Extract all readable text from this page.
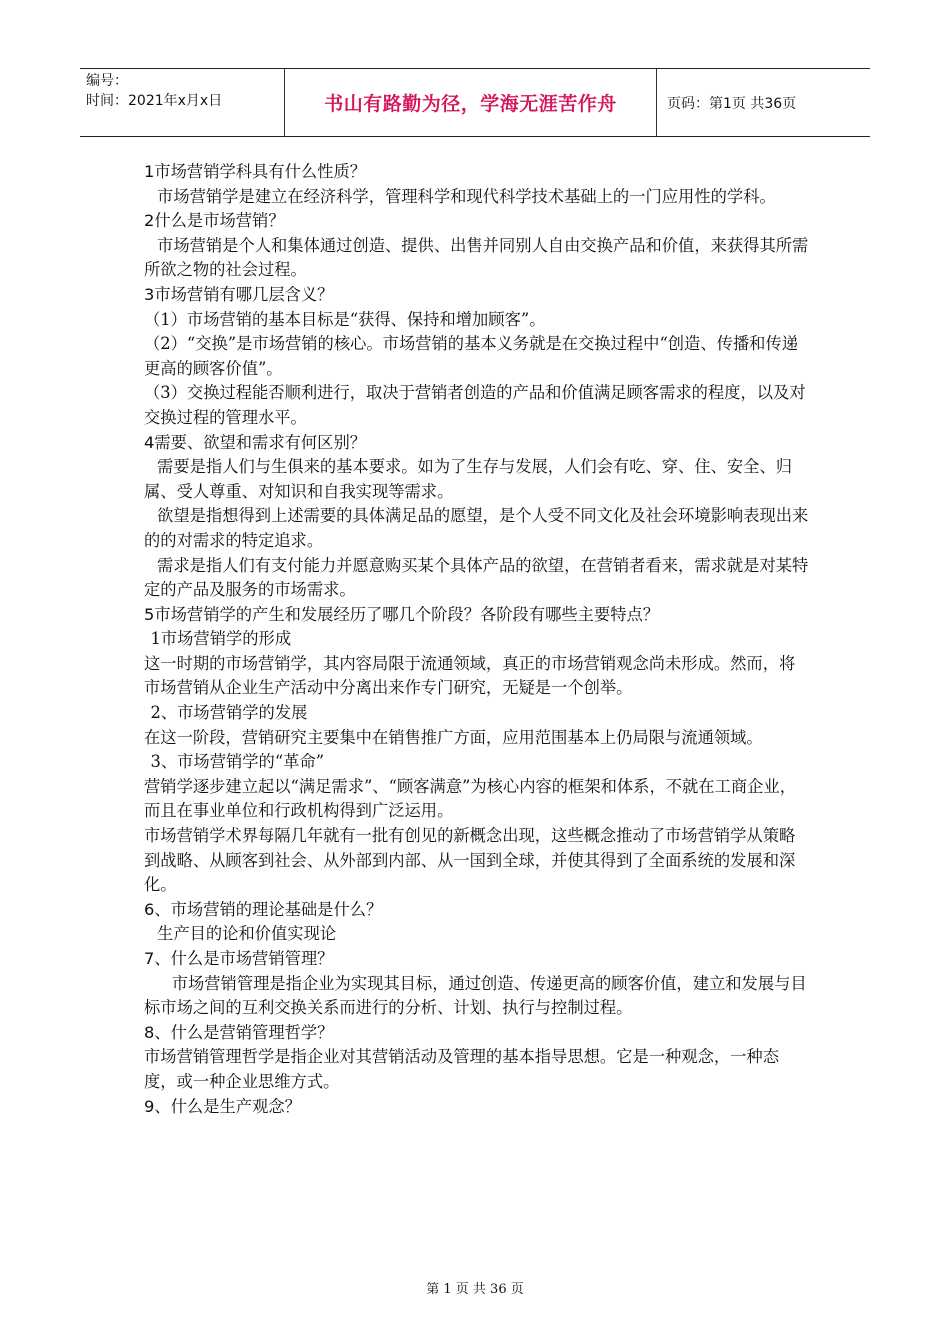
编号：
时间：2021年x月x日	书山有路勤为径，学海无涯苦作舟	页码：第1页 共36页

1市场营销学科具有什么性质？

市场营销学是建立在经济科学，管理科学和现代科学技术基础上的一门应用性的学科。

2什么是市场营销？

市场营销是个人和集体通过创造、提供、出售并同别人自由交换产品和价值，来获得其所需所欲之物的社会过程。

3市场营销有哪几层含义？

（1）市场营销的基本目标是“获得、保持和增加顾客”。

（2）“交换”是市场营销的核心。市场营销的基本义务就是在交换过程中“创造、传播和传递更高的顾客价值”。

（3）交换过程能否顺利进行，取决于营销者创造的产品和价值满足顾客需求的程度，以及对交换过程的管理水平。

4需要、欲望和需求有何区别？

需要是指人们与生俱来的基本要求。如为了生存与发展，人们会有吃、穿、住、安全、归属、受人尊重、对知识和自我实现等需求。

欲望是指想得到上述需要的具体满足品的愿望，是个人受不同文化及社会环境影响表现出来的的对需求的特定追求。

需求是指人们有支付能力并愿意购买某个具体产品的欲望，在营销者看来，需求就是对某特定的产品及服务的市场需求。

5市场营销学的产生和发展经历了哪几个阶段？各阶段有哪些主要特点？

1市场营销学的形成

这一时期的市场营销学，其内容局限于流通领域，真正的市场营销观念尚未形成。然而，将市场营销从企业生产活动中分离出来作专门研究，无疑是一个创举。

2、市场营销学的发展

在这一阶段，营销研究主要集中在销售推广方面，应用范围基本上仍局限与流通领域。

3、市场营销学的“革命”

营销学逐步建立起以“满足需求”、“顾客满意”为核心内容的框架和体系，不就在工商企业，而且在事业单位和行政机构得到广泛运用。

市场营销学术界每隔几年就有一批有创见的新概念出现，这些概念推动了市场营销学从策略到战略、从顾客到社会、从外部到内部、从一国到全球，并使其得到了全面系统的发展和深化。

6、市场营销的理论基础是什么？

生产目的论和价值实现论

7、什么是市场营销管理？

市场营销管理是指企业为实现其目标，通过创造、传递更高的顾客价值，建立和发展与目标市场之间的互利交换关系而进行的分析、计划、执行与控制过程。

8、什么是营销管理哲学？

市场营销管理哲学是指企业对其营销活动及管理的基本指导思想。它是一种观念，一种态度，或一种企业思维方式。

9、什么是生产观念？

第 1 页 共 36 页
